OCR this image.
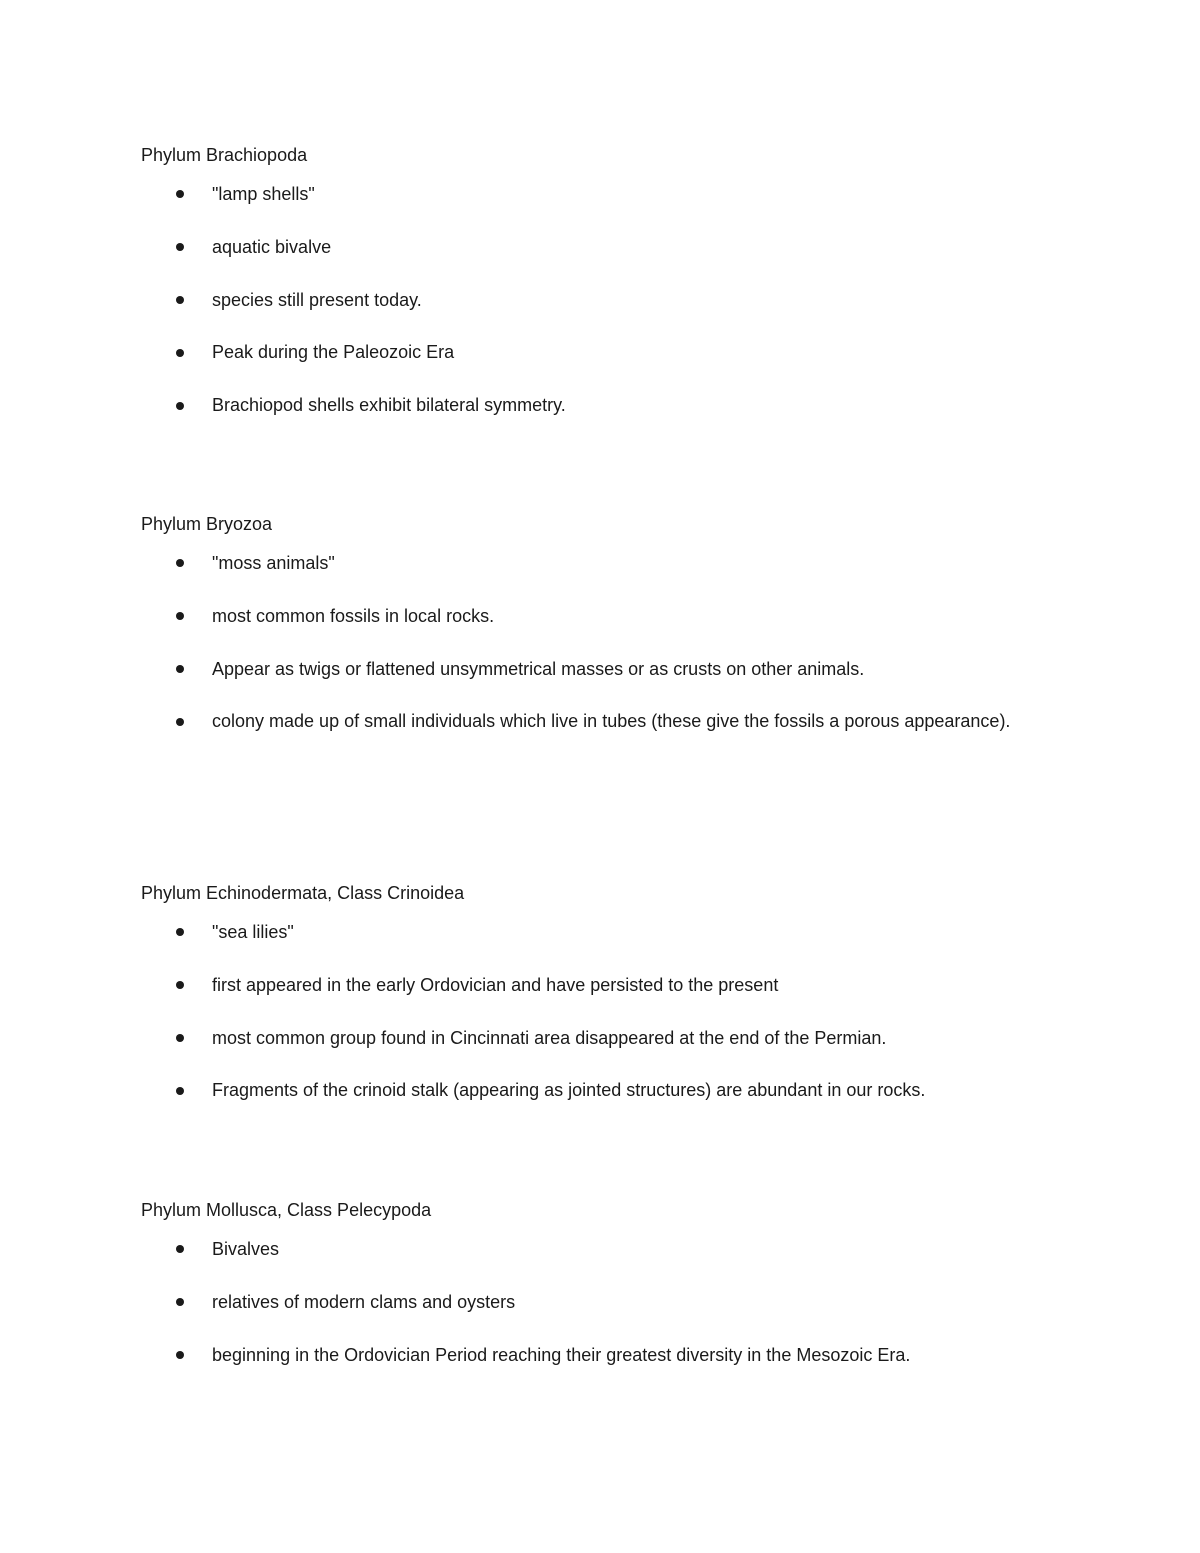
Phylum Brachiopoda
"lamp shells"
aquatic bivalve
species still present today.
Peak during the Paleozoic Era
Brachiopod shells exhibit bilateral symmetry.
Phylum Bryozoa
"moss animals"
most common fossils in local rocks.
Appear as twigs or flattened unsymmetrical masses or as crusts on other animals.
colony made up of small individuals which live in tubes (these give the fossils a porous appearance).
Phylum Echinodermata, Class Crinoidea
"sea lilies"
first appeared in the early Ordovician and have persisted to the present
most common group found in Cincinnati area disappeared at the end of the Permian.
Fragments of the crinoid stalk (appearing as jointed structures) are abundant in our rocks.
Phylum Mollusca, Class Pelecypoda
Bivalves
relatives of modern clams and oysters
beginning in the Ordovician Period reaching their greatest diversity in the Mesozoic Era.
